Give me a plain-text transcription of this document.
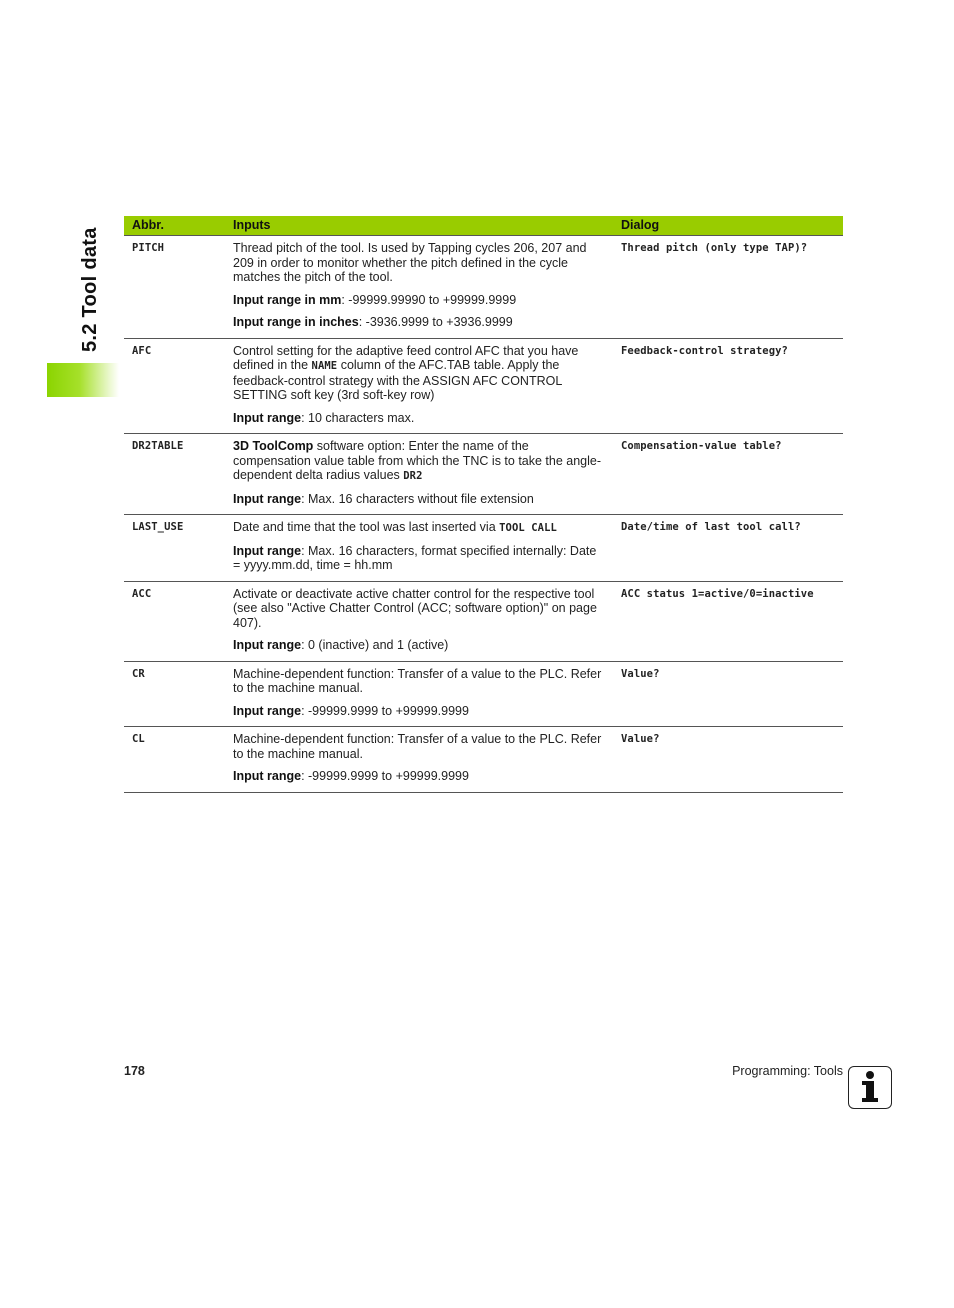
5.2 Tool data
Abbr.	Inputs	Dialog
PITCH	Thread pitch of the tool. Is used by Tapping cycles 206, 207 and 209 in order to monitor whether the pitch defined in the cycle matches the pitch of the tool.

Input range in mm: -99999.99990 to +99999.9999

Input range in inches: -3936.9999 to +3936.9999	Thread pitch (only type TAP)?
AFC	Control setting for the adaptive feed control AFC that you have defined in the NAME column of the AFC.TAB table. Apply the feedback-control strategy with the ASSIGN AFC CONTROL SETTING soft key (3rd soft-key row)

Input range: 10 characters max.	Feedback-control strategy?
DR2TABLE	3D ToolComp software option: Enter the name of the compensation value table from which the TNC is to take the angle-dependent delta radius values DR2

Input range: Max. 16 characters without file extension	Compensation-value table?
LAST_USE	Date and time that the tool was last inserted via TOOL CALL

Input range: Max. 16 characters, format specified internally: Date = yyyy.mm.dd, time = hh.mm	Date/time of last tool call?
ACC	Activate or deactivate active chatter control for the respective tool (see also "Active Chatter Control (ACC; software option)" on page 407).

Input range: 0 (inactive) and 1 (active)	ACC status 1=active/0=inactive
CR	Machine-dependent function: Transfer of a value to the PLC. Refer to the machine manual.

Input range: -99999.9999 to +99999.9999	Value?
CL	Machine-dependent function: Transfer of a value to the PLC. Refer to the machine manual.

Input range: -99999.9999 to +99999.9999	Value?
178	Programming: Tools
